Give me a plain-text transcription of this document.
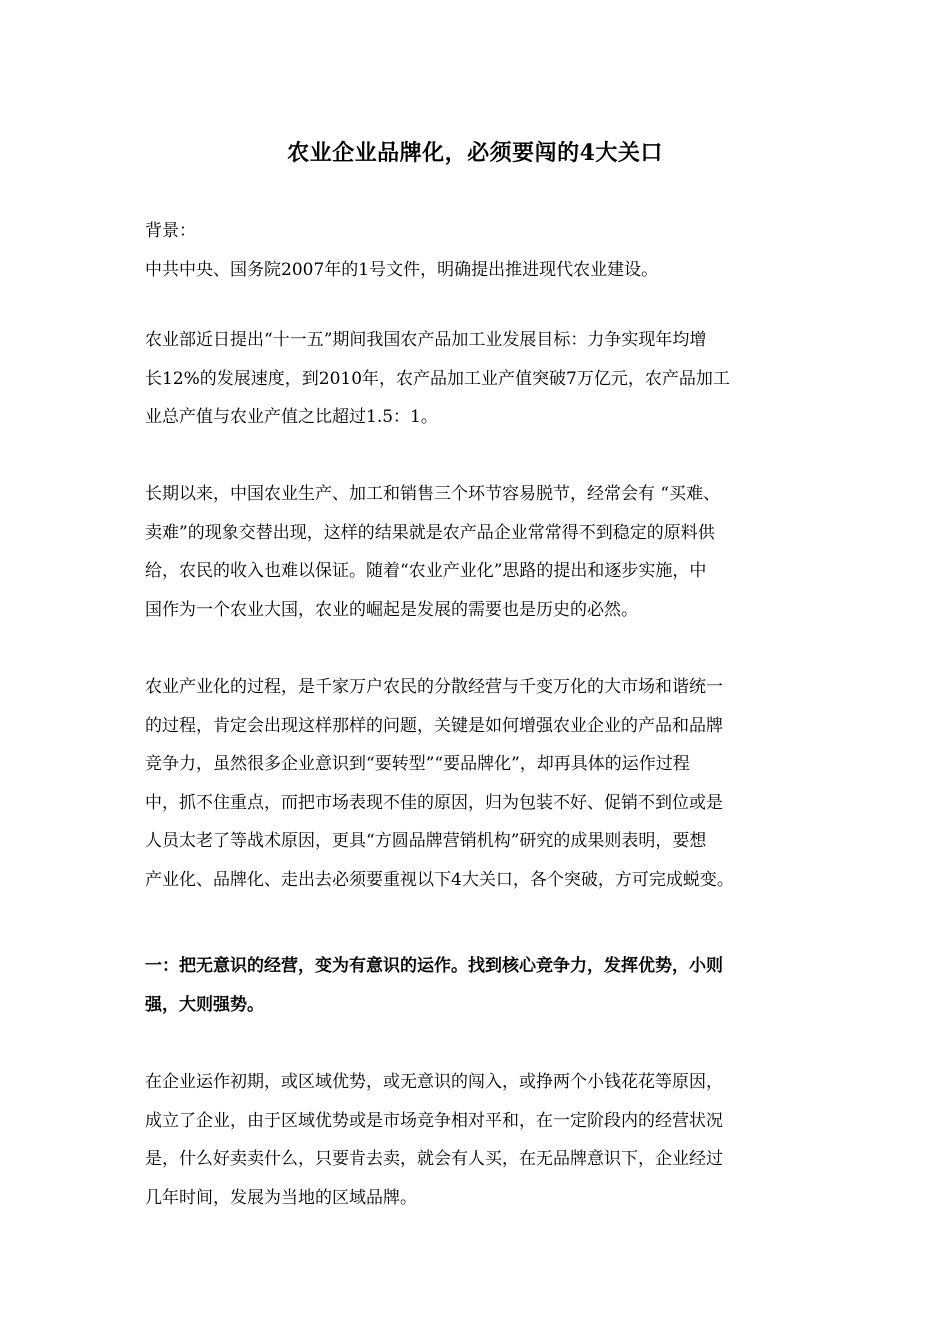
农业企业品牌化，必须要闯的4大关口
背景：
中共中央、国务院2007年的1号文件，明确提出推进现代农业建设。
农业部近日提出“十一五”期间我国农产品加工业发展目标：力争实现年均增
长12%的发展速度，到2010年，农产品加工业产值突破7万亿元，农产品加工
业总产值与农业产值之比超过1.5：1。
长期以来，中国农业生产、加工和销售三个环节容易脱节，经常会有 “买难、
卖难”的现象交替出现，这样的结果就是农产品企业常常得不到稳定的原料供
给，农民的收入也难以保证。随着“农业产业化”思路的提出和逐步实施，中
国作为一个农业大国，农业的崛起是发展的需要也是历史的必然。
农业产业化的过程，是千家万户农民的分散经营与千变万化的大市场和谐统一
的过程，肯定会出现这样那样的问题，关键是如何增强农业企业的产品和品牌
竞争力，虽然很多企业意识到“要转型”“要品牌化”，却再具体的运作过程
中，抓不住重点，而把市场表现不佳的原因，归为包装不好、促销不到位或是
人员太老了等战术原因，更具“方圆品牌营销机构”研究的成果则表明，要想
产业化、品牌化、走出去必须要重视以下4大关口，各个突破，方可完成蜕变。
一：把无意识的经营，变为有意识的运作。找到核心竞争力，发挥优势，小则
强，大则强势。
在企业运作初期，或区域优势，或无意识的闯入，或挣两个小钱花花等原因，
成立了企业，由于区域优势或是市场竞争相对平和，在一定阶段内的经营状况
是，什么好卖卖什么，只要肯去卖，就会有人买，在无品牌意识下，企业经过
几年时间，发展为当地的区域品牌。
